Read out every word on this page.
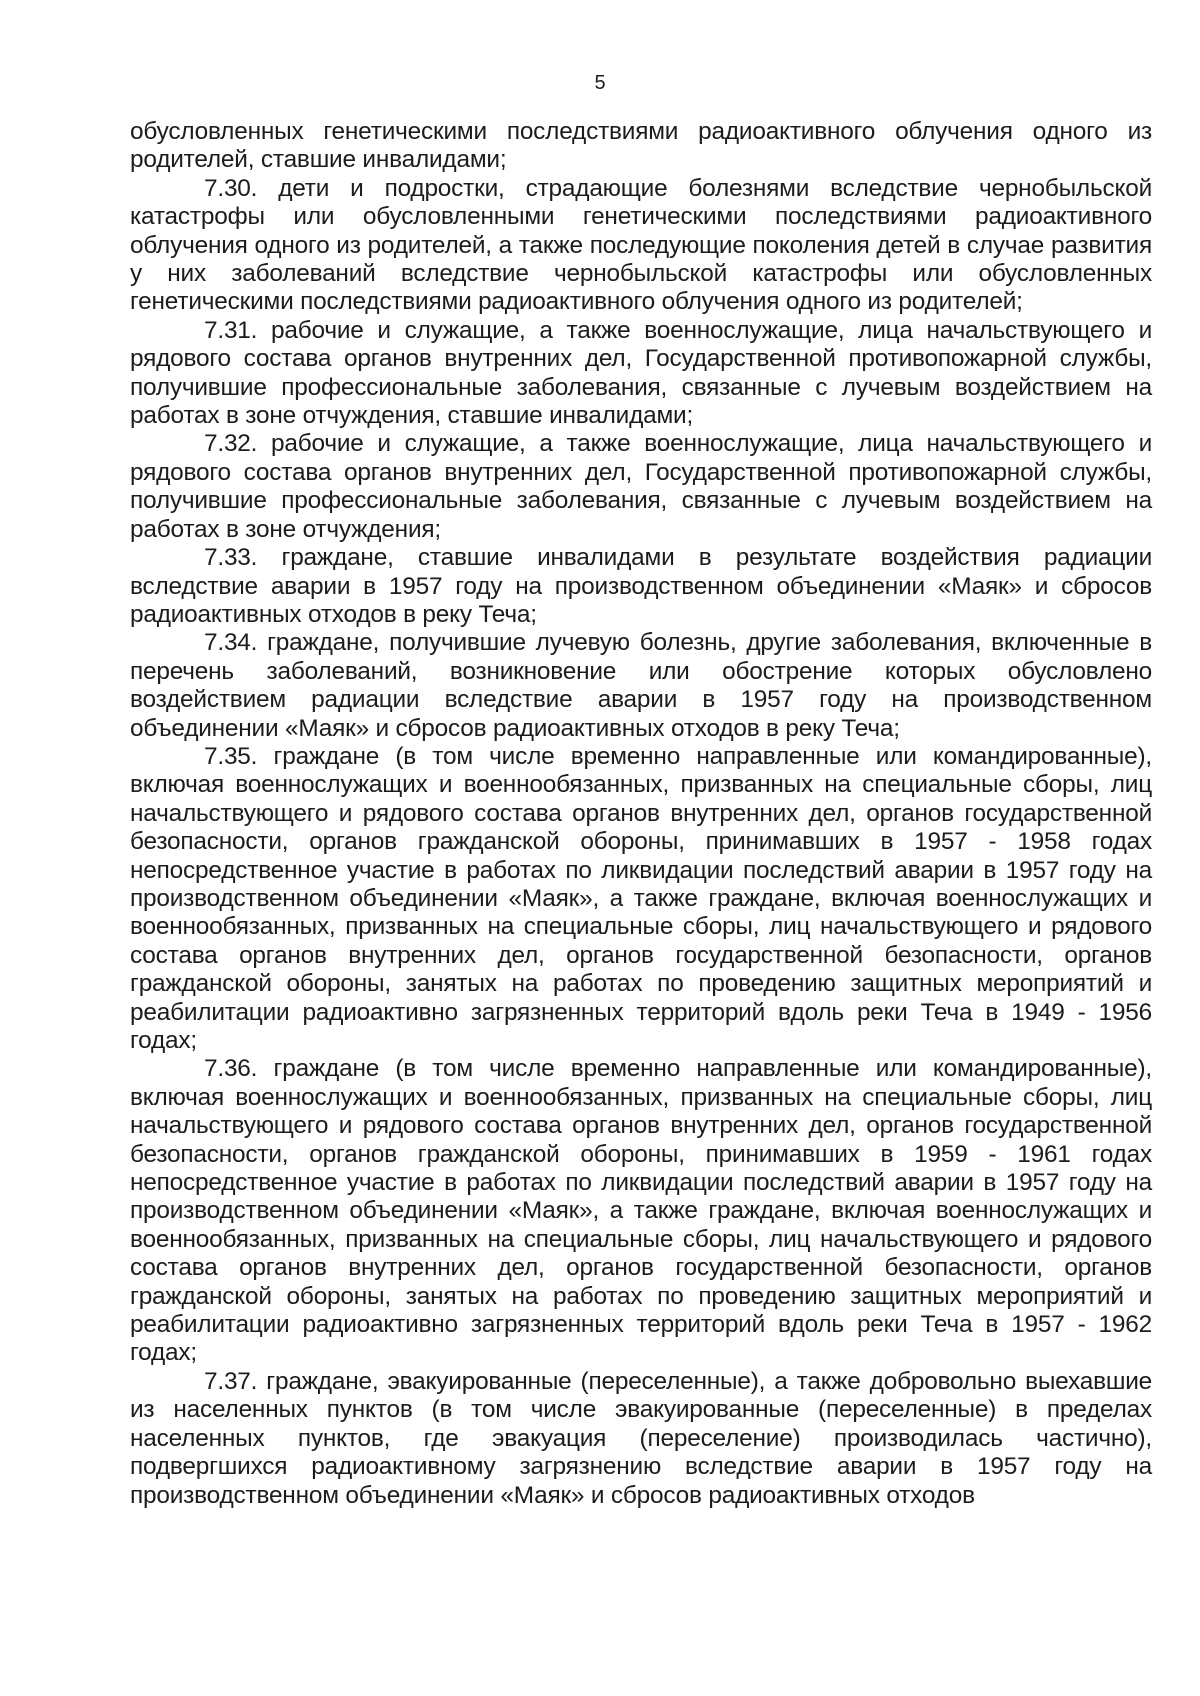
5

обусловленных генетическими последствиями радиоактивного облучения одного из родителей, ставшие инвалидами;

7.30. дети и подростки, страдающие болезнями вследствие чернобыльской катастрофы или обусловленными генетическими последствиями радиоактивного облучения одного из родителей, а также последующие поколения детей в случае развития у них заболеваний вследствие чернобыльской катастрофы или обусловленных генетическими последствиями радиоактивного облучения одного из родителей;

7.31. рабочие и служащие, а также военнослужащие, лица начальствующего и рядового состава органов внутренних дел, Государственной противопожарной службы, получившие профессиональные заболевания, связанные с лучевым воздействием на работах в зоне отчуждения, ставшие инвалидами;

7.32. рабочие и служащие, а также военнослужащие, лица начальствующего и рядового состава органов внутренних дел, Государственной противопожарной службы, получившие профессиональные заболевания, связанные с лучевым воздействием на работах в зоне отчуждения;

7.33. граждане, ставшие инвалидами в результате воздействия радиации вследствие аварии в 1957 году на производственном объединении «Маяк» и сбросов радиоактивных отходов в реку Теча;

7.34. граждане, получившие лучевую болезнь, другие заболевания, включенные в перечень заболеваний, возникновение или обострение которых обусловлено воздействием радиации вследствие аварии в 1957 году на производственном объединении «Маяк» и сбросов радиоактивных отходов в реку Теча;

7.35. граждане (в том числе временно направленные или командированные), включая военнослужащих и военнообязанных, призванных на специальные сборы, лиц начальствующего и рядового состава органов внутренних дел, органов государственной безопасности, органов гражданской обороны, принимавших в 1957 - 1958 годах непосредственное участие в работах по ликвидации последствий аварии в 1957 году на производственном объединении «Маяк», а также граждане, включая военнослужащих и военнообязанных, призванных на специальные сборы, лиц начальствующего и рядового состава органов внутренних дел, органов государственной безопасности, органов гражданской обороны, занятых на работах по проведению защитных мероприятий и реабилитации радиоактивно загрязненных территорий вдоль реки Теча в 1949 - 1956 годах;

7.36. граждане (в том числе временно направленные или командированные), включая военнослужащих и военнообязанных, призванных на специальные сборы, лиц начальствующего и рядового состава органов внутренних дел, органов государственной безопасности, органов гражданской обороны, принимавших в 1959 - 1961 годах непосредственное участие в работах по ликвидации последствий аварии в 1957 году на производственном объединении «Маяк», а также граждане, включая военнослужащих и военнообязанных, призванных на специальные сборы, лиц начальствующего и рядового состава органов внутренних дел, органов государственной безопасности, органов гражданской обороны, занятых на работах по проведению защитных мероприятий и реабилитации радиоактивно загрязненных территорий вдоль реки Теча в 1957 - 1962 годах;

7.37. граждане, эвакуированные (переселенные), а также добровольно выехавшие из населенных пунктов (в том числе эвакуированные (переселенные) в пределах населенных пунктов, где эвакуация (переселение) производилась частично), подвергшихся радиоактивному загрязнению вследствие аварии в 1957 году на производственном объединении «Маяк» и сбросов радиоактивных отходов
